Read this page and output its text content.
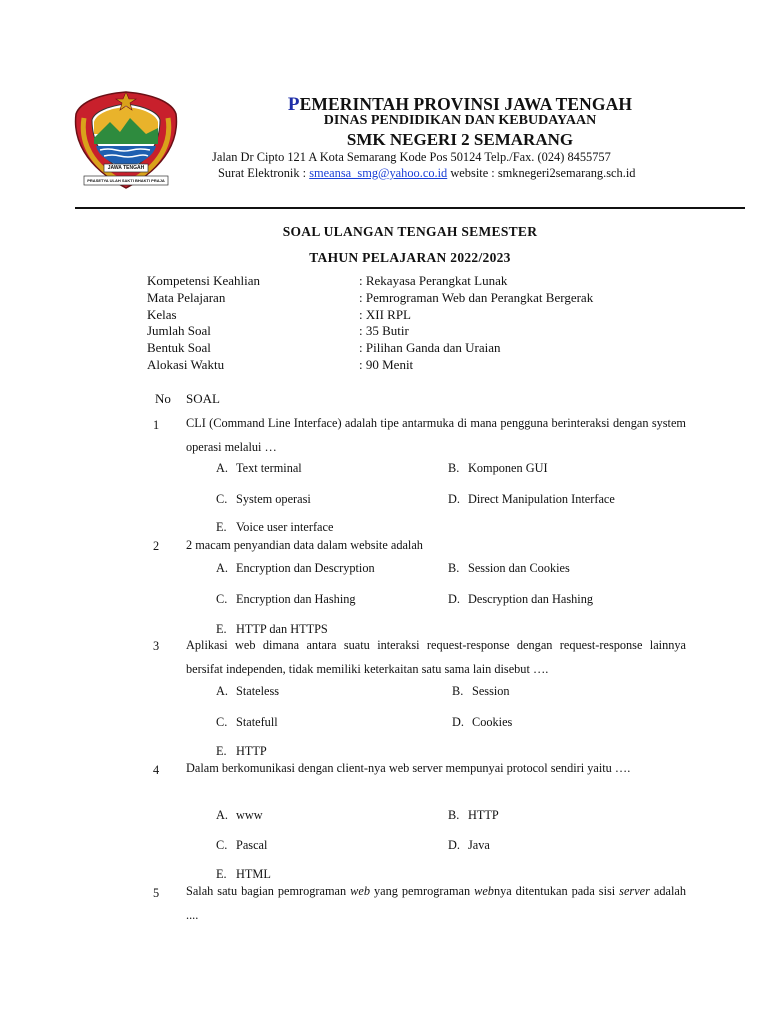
JAWA TENGAH
PRASETYA ULAH SAKTI BHAKTI PRAJA
PEMERINTAH PROVINSI JAWA TENGAH
DINAS PENDIDIKAN DAN KEBUDAYAAN
SMK NEGERI 2 SEMARANG
Jalan Dr Cipto 121 A Kota Semarang Kode Pos 50124 Telp./Fax. (024) 8455757
Surat Elektronik : smeansa_smg@yahoo.co.id website : smknegeri2semarang.sch.id
SOAL ULANGAN TENGAH SEMESTER
TAHUN PELAJARAN 2022/2023
Kompetensi Keahlian	: Rekayasa Perangkat Lunak
Mata Pelajaran	: Pemrograman Web dan Perangkat Bergerak
Kelas	: XII RPL
Jumlah Soal	: 35 Butir
Bentuk Soal	: Pilihan Ganda dan Uraian
Alokasi Waktu	: 90 Menit
No SOAL
1 CLI (Command Line Interface) adalah tipe antarmuka di mana pengguna berinteraksi dengan system operasi melalui …
A. Text terminal	B. Komponen GUI
C. System operasi	D. Direct Manipulation Interface
E. Voice user interface
2 2 macam penyandian data dalam website adalah
A. Encryption dan Descryption	B. Session dan Cookies
C. Encryption dan Hashing	D. Descryption dan Hashing
E. HTTP dan HTTPS
3 Aplikasi web dimana antara suatu interaksi request-response dengan request-response lainnya bersifat independen, tidak memiliki keterkaitan satu sama lain disebut ….
A. Stateless	B. Session
C. Statefull	D. Cookies
E. HTTP
4 Dalam berkomunikasi dengan client-nya web server mempunyai protocol sendiri yaitu ….
A. www	B. HTTP
C. Pascal	D. Java
E. HTML
5 Salah satu bagian pemrograman web yang pemrograman webnya ditentukan pada sisi server adalah ....
